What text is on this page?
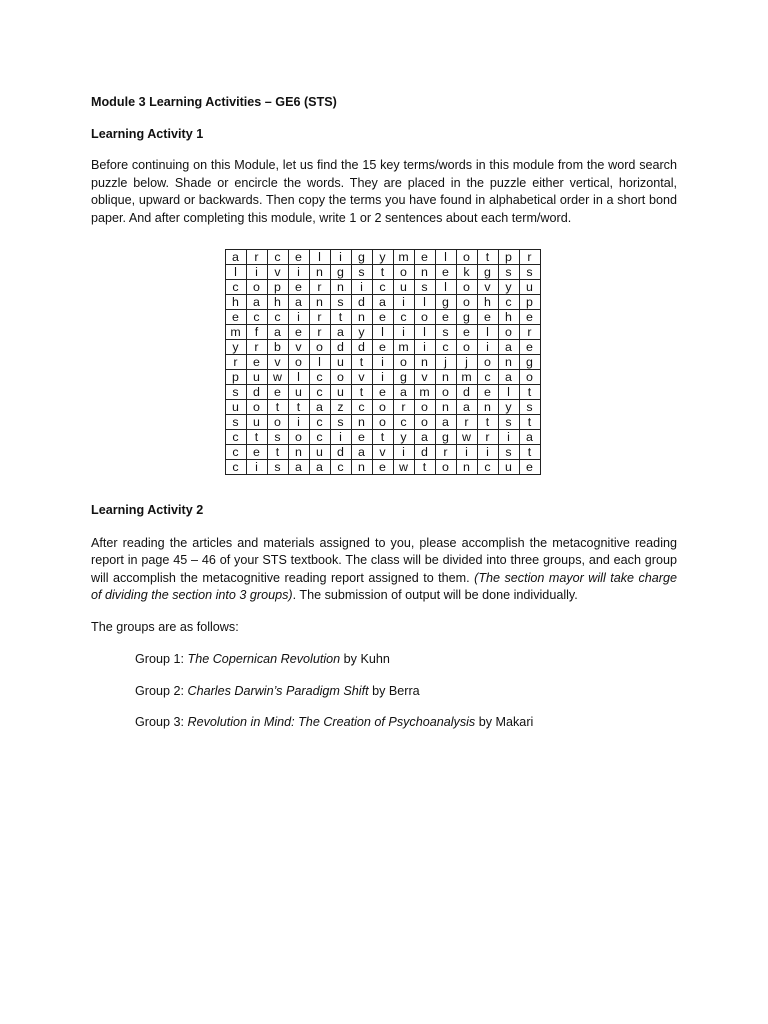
Module 3 Learning Activities – GE6 (STS)

Learning Activity 1

Before continuing on this Module, let us find the 15 key terms/words in this module from the word search puzzle below. Shade or encircle the words. They are placed in the puzzle either vertical, horizontal, oblique, upward or backwards. Then copy the terms you have found in alphabetical order in a short bond paper. And after completing this module, write 1 or 2 sentences about each term/word.

a	r	c	e	l	i	g	y	m	e	l	o	t	p	r
l	i	v	i	n	g	s	t	o	n	e	k	g	s	s
c	o	p	e	r	n	i	c	u	s	l	o	v	y	u
h	a	h	a	n	s	d	a	i	l	g	o	h	c	p
e	c	c	i	r	t	n	e	c	o	e	g	e	h	e
m	f	a	e	r	a	y	l	i	l	s	e	l	o	r
y	r	b	v	o	d	d	e	m	i	c	o	i	a	e
r	e	v	o	l	u	t	i	o	n	j	j	o	n	g
p	u	w	l	c	o	v	i	g	v	n	m	c	a	o
s	d	e	u	c	u	t	e	a	m	o	d	e	l	t
u	o	t	t	a	z	c	o	r	o	n	a	n	y	s
s	u	o	i	c	s	n	o	c	o	a	r	t	s	t
c	t	s	o	c	i	e	t	y	a	g	w	r	i	a
c	e	t	n	u	d	a	v	i	d	r	i	i	s	t
c	i	s	a	a	c	n	e	w	t	o	n	c	u	e

Learning Activity 2

After reading the articles and materials assigned to you, please accomplish the metacognitive reading report in page 45 – 46 of your STS textbook. The class will be divided into three groups, and each group will accomplish the metacognitive reading report assigned to them. (The section mayor will take charge of dividing the section into 3 groups). The submission of output will be done individually.

The groups are as follows:

Group 1: The Copernican Revolution by Kuhn

Group 2: Charles Darwin’s Paradigm Shift by Berra

Group 3: Revolution in Mind: The Creation of Psychoanalysis by Makari
